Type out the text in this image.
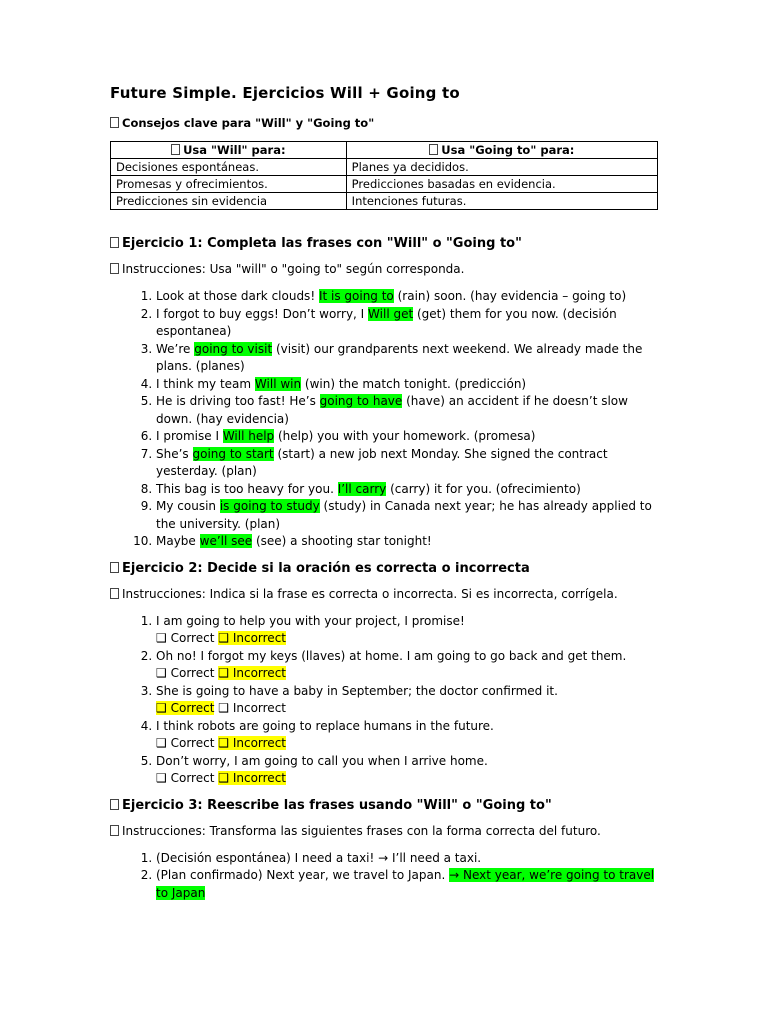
Future Simple. Ejercicios Will + Going to
Consejos clave para "Will" y "Going to"
Usa "Will" para:	Usa "Going to" para:
Decisiones espontáneas.	Planes ya decididos.
Promesas y ofrecimientos.	Predicciones basadas en evidencia.
Predicciones sin evidencia	Intenciones futuras.
Ejercicio 1: Completa las frases con "Will" o "Going to"
Instrucciones: Usa "will" o "going to" según corresponda.
1. Look at those dark clouds! It is going to (rain) soon. (hay evidencia – going to)
2. I forgot to buy eggs! Don’t worry, I Will get (get) them for you now. (decisión espontanea)
3. We’re going to visit (visit) our grandparents next weekend. We already made the plans. (planes)
4. I think my team Will win (win) the match tonight. (predicción)
5. He is driving too fast! He’s going to have (have) an accident if he doesn’t slow down. (hay evidencia)
6. I promise I Will help (help) you with your homework. (promesa)
7. She’s going to start (start) a new job next Monday. She signed the contract yesterday. (plan)
8. This bag is too heavy for you. I’ll carry (carry) it for you. (ofrecimiento)
9. My cousin is going to study (study) in Canada next year; he has already applied to the university. (plan)
10. Maybe we’ll see (see) a shooting star tonight!
Ejercicio 2: Decide si la oración es correcta o incorrecta
Instrucciones: Indica si la frase es correcta o incorrecta. Si es incorrecta, corrígela.
1. I am going to help you with your project, I promise!
❑ Correct ❑ Incorrect
2. Oh no! I forgot my keys (llaves) at home. I am going to go back and get them.
❑ Correct ❑ Incorrect
3. She is going to have a baby in September; the doctor confirmed it.
❑ Correct ❑ Incorrect
4. I think robots are going to replace humans in the future.
❑ Correct ❑ Incorrect
5. Don’t worry, I am going to call you when I arrive home.
❑ Correct ❑ Incorrect
Ejercicio 3: Reescribe las frases usando "Will" o "Going to"
Instrucciones: Transforma las siguientes frases con la forma correcta del futuro.
1. (Decisión espontánea) I need a taxi! → I’ll need a taxi.
2. (Plan confirmado) Next year, we travel to Japan. → Next year, we’re going to travel to Japan
